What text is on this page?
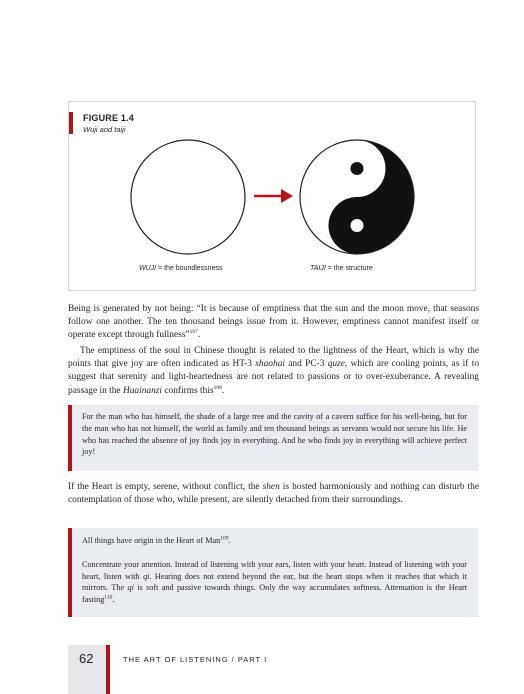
FIGURE 1.4
Wuji and taiji
WUJI = the boundlessness	TAIJI = the structure

Being is generated by not being: “It is because of emptiness that the sun and the moon move, that seasons follow one another. The ten thousand beings issue from it. However, emptiness cannot manifest itself or operate except through fullness”$^{107}$.

The emptiness of the soul in Chinese thought is related to the lightness of the Heart, which is why the points that give joy are often indicated as HT-3 shaohai and PC-3 quze, which are cooling points, as if to suggest that serenity and light-heartedness are not related to passions or to over-exuberance. A revealing passage in the Huainanzi confirms this$^{108}$.

For the man who has himself, the shade of a large tree and the cavity of a cavern suffice for his well-being, but for the man who has not himself, the world as family and ten thousand beings as servants would not secure his life. He who has reached the absence of joy finds joy in everything. And he who finds joy in everything will achieve perfect joy!

If the Heart is empty, serene, without conflict, the shen is hosted harmoniously and nothing can disturb the contemplation of those who, while present, are silently detached from their surroundings.

All things have origin in the Heart of Man$^{109}$.

Concentrate your attention. Instead of listening with your ears, listen with your heart. Instead of listening with your heart, listen with qi. Hearing does not extend beyond the ear, but the heart stops when it reaches that which it mirrors. The qi is soft and passive towards things. Only the way accumulates softness. Attenuation is the Heart fasting$^{110}$.

62	THE ART OF LISTENING / PART I
